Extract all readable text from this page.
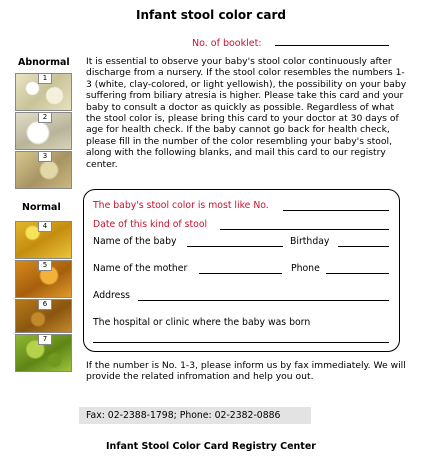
Infant stool color card
No. of booklet:
Abnormal
1
2
3
Normal
4
5
6
7
It is essential to observe your baby's stool color continuously after discharge from a nursery. If the stool color resembles the numbers 1-3 (white, clay-colored, or light yellowish), the possibility on your baby suffering from biliary atresia is higher. Please take this card and your baby to consult a doctor as quickly as possible. Regardless of what the stool color is, please bring this card to your doctor at 30 days of age for health check. If the baby cannot go back for health check, please fill in the number of the color resembling your baby's stool, along with the following blanks, and mail this card to our registry center.
The baby's stool color is most like No.
Date of this kind of stool
Name of the baby	Birthday
Name of the mother	Phone
Address
The hospital or clinic where the baby was born
If the number is No. 1-3, please inform us by fax immediately. We will provide the related infromation and help you out.
Fax: 02-2388-1798; Phone: 02-2382-0886
Infant Stool Color Card Registry Center
